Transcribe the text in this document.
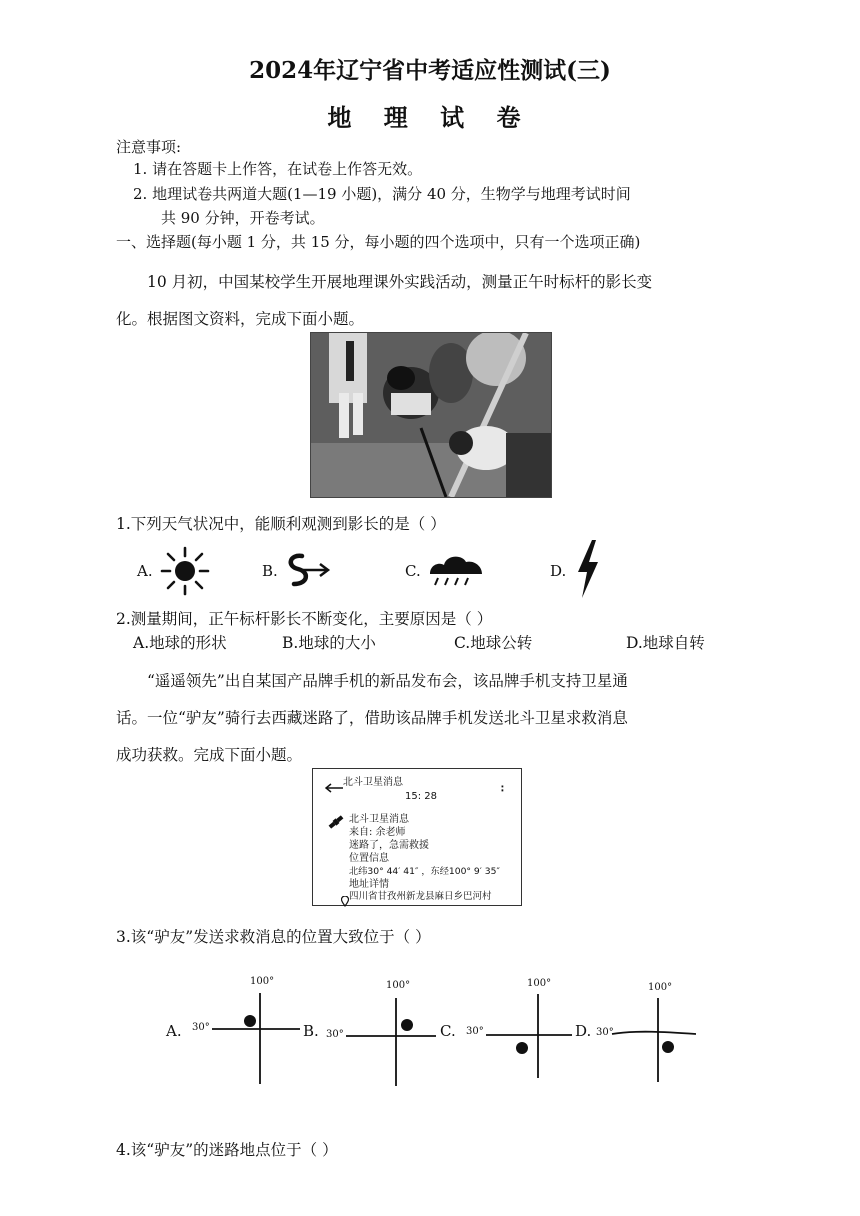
2024年辽宁省中考适应性测试(三)
地 理 试 卷
注意事项:
1. 请在答题卡上作答，在试卷上作答无效。
2. 地理试卷共两道大题(1—19 小题)，满分 40 分，生物学与地理考试时间
共 90 分钟，开卷考试。
一、选择题(每小题 1 分，共 15 分，每小题的四个选项中，只有一个选项正确)
10 月初，中国某校学生开展地理课外实践活动，测量正午时标杆的影长变
化。根据图文资料，完成下面小题。
1.下列天气状况中，能顺利观测到影长的是（ ）
A.	B.	C.	D.
2.测量期间，正午标杆影长不断变化，主要原因是（ ）
A.地球的形状	B.地球的大小	C.地球公转	D.地球自转
“遥遥领先”出自某国产品牌手机的新品发布会，该品牌手机支持卫星通
话。一位“驴友”骑行去西藏迷路了，借助该品牌手机发送北斗卫星求救消息
成功获救。完成下面小题。
北斗卫星消息
15: 28
∶
北斗卫星消息
来自: 余老师
迷路了，急需救援
位置信息
北纬30° 44′ 41″ ，东经100° 9′ 35″
地址详情
四川省甘孜州新龙县麻日乡巴河村
3.该“驴友”发送求救消息的位置大致位于（ ）
A.
100°
30°	B.
100°
30°	C.
100°
30°	D.
100°
30°
4.该“驴友”的迷路地点位于（ ）
